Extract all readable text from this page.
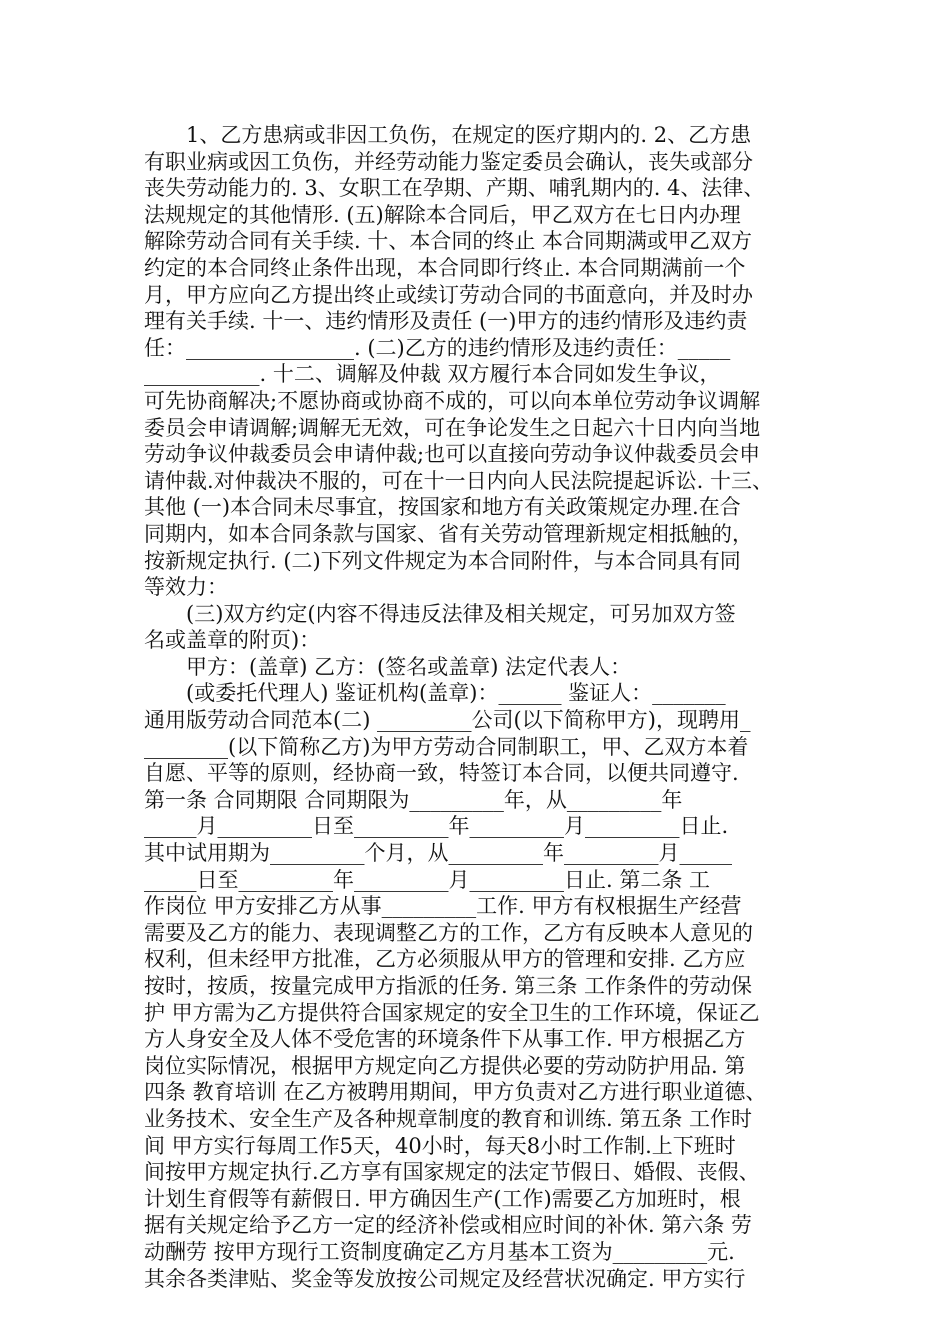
　　1、乙方患病或非因工负伤，在规定的医疗期内的. 2、乙方患
有职业病或因工负伤，并经劳动能力鉴定委员会确认，丧失或部分
丧失劳动能力的. 3、女职工在孕期、产期、哺乳期内的. 4、法律、
法规规定的其他情形. (五)解除本合同后，甲乙双方在七日内办理
解除劳动合同有关手续. 十、本合同的终止 本合同期满或甲乙双方
约定的本合同终止条件出现，本合同即行终止. 本合同期满前一个
月，甲方应向乙方提出终止或续订劳动合同的书面意向，并及时办
理有关手续. 十一、违约情形及责任 (一)甲方的违约情形及违约责
任：________________. (二)乙方的违约情形及违约责任：_____
___________. 十二、调解及仲裁 双方履行本合同如发生争议，
可先协商解决;不愿协商或协商不成的，可以向本单位劳动争议调解
委员会申请调解;调解无无效，可在争论发生之日起六十日内向当地
劳动争议仲裁委员会申请仲裁;也可以直接向劳动争议仲裁委员会申
请仲裁.对仲裁决不服的，可在十一日内向人民法院提起诉讼. 十三、
其他 (一)本合同未尽事宜，按国家和地方有关政策规定办理.在合
同期内，如本合同条款与国家、省有关劳动管理新规定相抵触的，
按新规定执行. (二)下列文件规定为本合同附件，与本合同具有同
等效力：
　　(三)双方约定(内容不得违反法律及相关规定，可另加双方签
名或盖章的附页)：
　　甲方：(盖章) 乙方：(签名或盖章) 法定代表人：
　　(或委托代理人) 鉴证机构(盖章)：______ 鉴证人：_______
通用版劳动合同范本(二) _________公司(以下简称甲方)，现聘用_
________(以下简称乙方)为甲方劳动合同制职工，甲、乙双方本着
自愿、平等的原则，经协商一致，特签订本合同，以便共同遵守.
第一条 合同期限 合同期限为_________年，从_________年
_____月_________日至_________年_________月_________日止.
其中试用期为_________个月，从_________年_________月_____
_____日至_________年_________月_________日止. 第二条 工
作岗位 甲方安排乙方从事_________工作. 甲方有权根据生产经营
需要及乙方的能力、表现调整乙方的工作，乙方有反映本人意见的
权利，但未经甲方批准，乙方必须服从甲方的管理和安排. 乙方应
按时，按质，按量完成甲方指派的任务. 第三条 工作条件的劳动保
护 甲方需为乙方提供符合国家规定的安全卫生的工作环境，保证乙
方人身安全及人体不受危害的环境条件下从事工作. 甲方根据乙方
岗位实际情况，根据甲方规定向乙方提供必要的劳动防护用品. 第
四条 教育培训 在乙方被聘用期间，甲方负责对乙方进行职业道德、
业务技术、安全生产及各种规章制度的教育和训练. 第五条 工作时
间 甲方实行每周工作5天，40小时，每天8小时工作制.上下班时
间按甲方规定执行.乙方享有国家规定的法定节假日、婚假、丧假、
计划生育假等有薪假日. 甲方确因生产(工作)需要乙方加班时，根
据有关规定给予乙方一定的经济补偿或相应时间的补休. 第六条 劳
动酬劳 按甲方现行工资制度确定乙方月基本工资为_________元.
其余各类津贴、奖金等发放按公司规定及经营状况确定. 甲方实行
